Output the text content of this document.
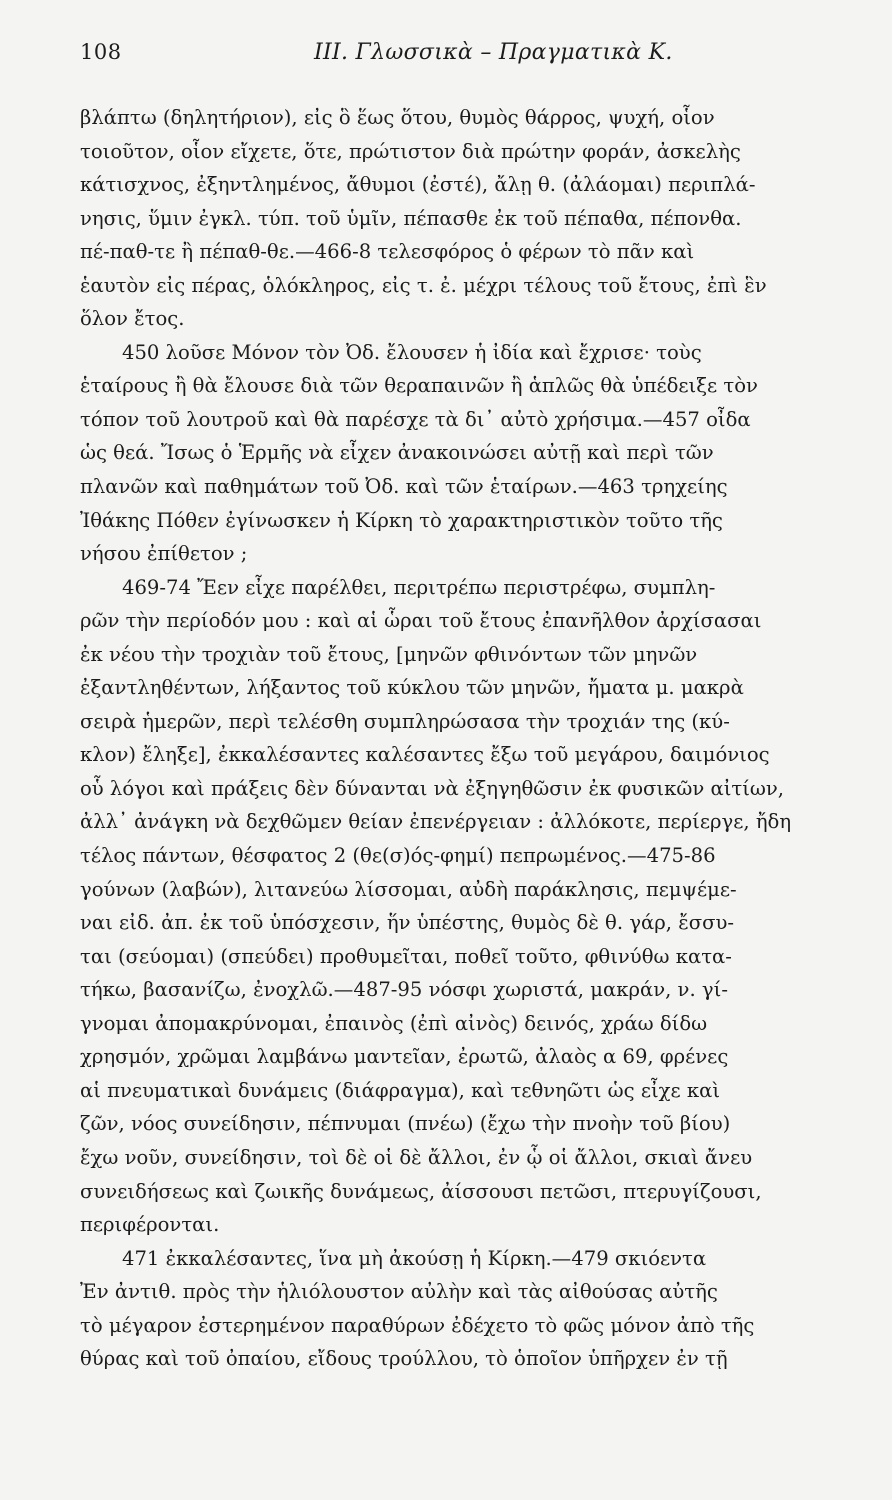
108	ΙΙΙ. Γλωσσικὰ – Πραγματικὰ Κ.
βλάπτω (δηλητήριον), εἰς ὃ ἕως ὅτου, θυμὸς θάρρος, ψυχή, οἷον
τοιοῦτον, οἷον εἴχετε, ὅτε, πρώτιστον διὰ πρώτην φοράν, ἀσκελὴς
κάτισχνος, ἐξηντλημένος, ἄθυμοι (ἐστέ), ἄλῃ θ. (ἀλάομαι) περιπλά-
νησις, ὕμιν ἐγκλ. τύπ. τοῦ ὑμῖν, πέπασθε ἐκ τοῦ πέπαθα, πέπονθα.
πέ-παθ-τε ἢ πέπαθ-θε.—466-8 τελεσφόρος ὁ φέρων τὸ πᾶν καὶ
ἑαυτὸν εἰς πέρας, ὁλόκληρος, εἰς τ. ἐ. μέχρι τέλους τοῦ ἔτους, ἐπὶ ἓν
ὅλον ἔτος.
450 λοῦσε Μόνον τὸν Ὀδ. ἔλουσεν ἡ ἰδία καὶ ἔχρισε· τοὺς
ἑταίρους ἢ θὰ ἔλουσε διὰ τῶν θεραπαινῶν ἢ ἁπλῶς θὰ ὑπέδειξε τὸν
τόπον τοῦ λουτροῦ καὶ θὰ παρέσχε τὰ δι᾽ αὐτὸ χρήσιμα.—457 οἶδα
ὡς θεά. Ἴσως ὁ Ἑρμῆς νὰ εἶχεν ἀνακοινώσει αὐτῇ καὶ περὶ τῶν
πλανῶν καὶ παθημάτων τοῦ Ὀδ. καὶ τῶν ἑταίρων.—463 τρηχείης
Ἰθάκης Πόθεν ἐγίνωσκεν ἡ Κίρκη τὸ χαρακτηριστικὸν τοῦτο τῆς
νήσου ἐπίθετον ;
469-74 Ἔεν εἶχε παρέλθει, περιτρέπω περιστρέφω, συμπλη-
ρῶν τὴν περίοδόν μου : καὶ αἱ ὧραι τοῦ ἔτους ἐπανῆλθον ἀρχίσασαι
ἐκ νέου τὴν τροχιὰν τοῦ ἔτους, [μηνῶν φθινόντων τῶν μηνῶν
ἐξαντληθέντων, λήξαντος τοῦ κύκλου τῶν μηνῶν, ἤματα μ. μακρὰ
σειρὰ ἡμερῶν, περὶ τελέσθη συμπληρώσασα τὴν τροχιάν της (κύ-
κλον) ἔληξε], ἐκκαλέσαντες καλέσαντες ἔξω τοῦ μεγάρου, δαιμόνιος
οὗ λόγοι καὶ πράξεις δὲν δύνανται νὰ ἐξηγηθῶσιν ἐκ φυσικῶν αἰτίων,
ἀλλ᾽ ἀνάγκη νὰ δεχθῶμεν θείαν ἐπενέργειαν : ἀλλόκοτε, περίεργε, ἤδη
τέλος πάντων, θέσφατος 2 (θε(σ)ός-φημί) πεπρωμένος.—475-86
γούνων (λαβών), λιτανεύω λίσσομαι, αὐδὴ παράκλησις, πεμψέμε-
ναι εἰδ. ἀπ. ἐκ τοῦ ὑπόσχεσιν, ἥν ὑπέστης, θυμὸς δὲ θ. γάρ, ἔσσυ-
ται (σεύομαι) (σπεύδει) προθυμεῖται, ποθεῖ τοῦτο, φθινύθω κατα-
τήκω, βασανίζω, ἐνοχλῶ.—487-95 νόσφι χωριστά, μακράν, ν. γί-
γνομαι ἀπομακρύνομαι, ἐπαινὸς (ἐπὶ αἰνὸς) δεινός, χράω δίδω
χρησμόν, χρῶμαι λαμβάνω μαντεῖαν, ἐρωτῶ, ἀλαὸς α 69, φρένες
αἱ πνευματικαὶ δυνάμεις (διάφραγμα), καὶ τεθνηῶτι ὡς εἶχε καὶ
ζῶν, νόος συνείδησιν, πέπνυμαι (πνέω) (ἔχω τὴν πνοὴν τοῦ βίου)
ἔχω νοῦν, συνείδησιν, τοὶ δὲ οἱ δὲ ἄλλοι, ἐν ᾧ οἱ ἄλλοι, σκιαὶ ἄνευ
συνειδήσεως καὶ ζωικῆς δυνάμεως, ἀίσσουσι πετῶσι, πτερυγίζουσι,
περιφέρονται.
471 ἐκκαλέσαντες, ἵνα μὴ ἀκούσῃ ἡ Κίρκη.—479 σκιόεντα
Ἐν ἀντιθ. πρὸς τὴν ἡλιόλουστον αὐλὴν καὶ τὰς αἰθούσας αὐτῆς
τὸ μέγαρον ἐστερημένον παραθύρων ἐδέχετο τὸ φῶς μόνον ἀπὸ τῆς
θύρας καὶ τοῦ ὀπαίου, εἴδους τρούλλου, τὸ ὁποῖον ὑπῆρχεν ἐν τῇ
